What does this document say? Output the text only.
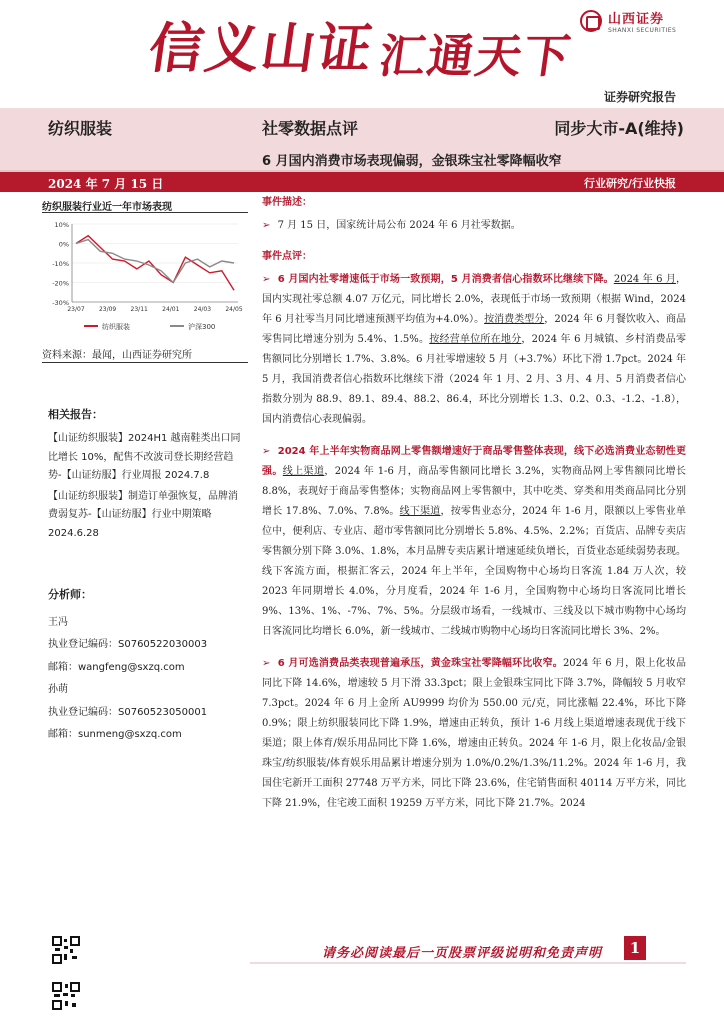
信义山证
汇通天下
山西证券
SHANXI SECURITIES
证券研究报告
纺织服装	社零数据点评	同步大市-A(维持)
6 月国内消费市场表现偏弱，金银珠宝社零降幅收窄
2024 年 7 月 15 日	行业研究/行业快报
纺织服装行业近一年市场表现
10%
0%
-10%
-20%
-30%
23/07 23/09 23/11 24/01 24/03 24/05
纺织服装	沪深300
资料来源：最闻，山西证券研究所
相关报告：

【山证纺织服装】2024H1 越南鞋类出口同比增长 10%，配售不改波司登长期经营趋势-【山证纺服】行业周报 2024.7.8

【山证纺织服装】制造订单强恢复，品牌消费弱复苏-【山证纺服】行业中期策略 2024.6.28

分析师：
王冯
执业登记编码：S0760522030003
邮箱：wangfeng@sxzq.com
孙萌
执业登记编码：S0760523050001
邮箱：sunmeng@sxzq.com
事件描述：

➢ 7 月 15 日，国家统计局公布 2024 年 6 月社零数据。

事件点评：

➢ 6 月国内社零增速低于市场一致预期，5 月消费者信心指数环比继续下降。2024 年 6 月，国内实现社零总额 4.07 万亿元，同比增长 2.0%，表现低于市场一致预期（根据 Wind，2024 年 6 月社零当月同比增速预测平均值为+4.0%）。按消费类型分，2024 年 6 月餐饮收入、商品零售同比增速分别为 5.4%、1.5%。按经营单位所在地分，2024 年 6 月城镇、乡村消费品零售额同比分别增长 1.7%、3.8%。6 月社零增速较 5 月（+3.7%）环比下滑 1.7pct。2024 年 5 月，我国消费者信心指数环比继续下滑（2024 年 1 月、2 月、3 月、4 月、5 月消费者信心指数分别为 88.9、89.1、89.4、88.2、86.4，环比分别增长 1.3、0.2、0.3、-1.2、-1.8），国内消费信心表现偏弱。

➢ 2024 年上半年实物商品网上零售额增速好于商品零售整体表现，线下必选消费业态韧性更强。线上渠道，2024 年 1-6 月，商品零售额同比增长 3.2%，实物商品网上零售额同比增长 8.8%，表现好于商品零售整体；实物商品网上零售额中，其中吃类、穿类和用类商品同比分别增长 17.8%、7.0%、7.8%。线下渠道，按零售业态分，2024 年 1-6 月，限额以上零售业单位中，便利店、专业店、超市零售额同比分别增长 5.8%、4.5%、2.2%；百货店、品牌专卖店零售额分别下降 3.0%、1.8%，本月品牌专卖店累计增速延续负增长，百货业态延续弱势表现。线下客流方面，根据汇客云，2024 年上半年，全国购物中心场均日客流 1.84 万人次，较 2023 年同期增长 4.0%，分月度看，2024 年 1-6 月，全国购物中心场均日客流同比增长 9%、13%、1%、-7%、7%、5%。分层级市场看，一线城市、三线及以下城市购物中心场均日客流同比均增长 6.0%，新一线城市、二线城市购物中心场均日客流同比增长 3%、2%。

➢ 6 月可选消费品类表现普遍承压，黄金珠宝社零降幅环比收窄。2024 年 6 月，限上化妆品同比下降 14.6%，增速较 5 月下滑 33.3pct；限上金银珠宝同比下降 3.7%，降幅较 5 月收窄 7.3pct。2024 年 6 月上金所 AU9999 均价为 550.00 元/克，同比涨幅 22.4%，环比下降 0.9%；限上纺织服装同比下降 1.9%，增速由正转负，预计 1-6 月线上渠道增速表现优于线下渠道；限上体育/娱乐用品同比下降 1.6%，增速由正转负。2024 年 1-6 月，限上化妆品/金银珠宝/纺织服装/体育娱乐用品累计增速分别为 1.0%/0.2%/1.3%/11.2%。2024 年 1-6 月，我国住宅新开工面积 27748 万平方米，同比下降 23.6%，住宅销售面积 40114 万平方米，同比下降 21.9%，住宅竣工面积 19259 万平方米，同比下降 21.7%。2024

请务必阅读最后一页股票评级说明和免责声明	1
